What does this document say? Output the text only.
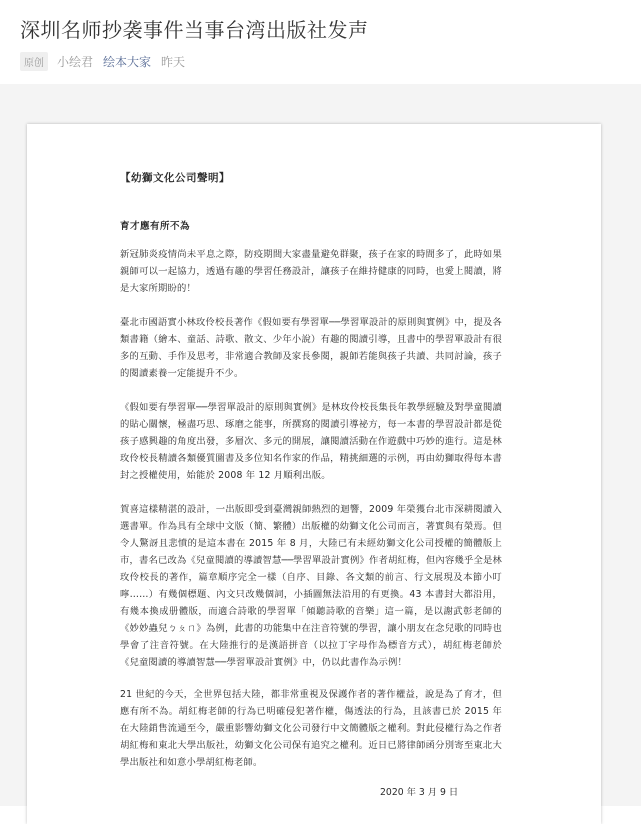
深圳名师抄袭事件当事台湾出版社发声
原创	小绘君 绘本大家 昨天
【幼獅文化公司聲明】
育才應有所不為

新冠肺炎疫情尚未平息之際，防疫期間大家盡量避免群聚，孩子在家的時間多了，此時如果親師可以一起協力，透過有趣的學習任務設計，讓孩子在維持健康的同時，也愛上閱讀，將是大家所期盼的！

臺北市國語實小林玫伶校長著作《假如要有學習單──學習單設計的原則與實例》中，提及各類書籍（繪本、童話、詩歌、散文、少年小說）有趣的閱讀引導，且書中的學習單設計有很多的互動、手作及思考，非常適合教師及家長參閱，親師若能與孩子共讀、共同討論，孩子的閱讀素養一定能提升不少。

《假如要有學習單──學習單設計的原則與實例》是林玫伶校長集長年教學經驗及對學童閱讀的貼心關懷，極盡巧思、琢磨之能事，所撰寫的閱讀引導祕方，每一本書的學習設計都是從孩子感興趣的角度出發，多層次、多元的開展，讓閱讀活動在作遊戲中巧妙的進行。這是林玫伶校長精讀各類優質圖書及多位知名作家的作品，精挑細選的示例，再由幼獅取得每本書封之授權使用，始能於 2008 年 12 月順利出版。

賀喜這樣精湛的設計，一出版即受到臺灣親師熱烈的迴響，2009 年榮獲台北市深耕閱讀入選書單。作為具有全球中文版（簡、繁體）出版權的幼獅文化公司而言，著實與有榮焉。但令人驚訝且悲憤的是這本書在 2015 年 8 月，大陸已有未經幼獅文化公司授權的簡體版上市，書名已改為《兒童閱讀的導讀智慧──學習單設計實例》作者胡紅梅，但內容幾乎全是林玫伶校長的著作，篇章順序完全一樣（自序、目錄、各文類的前言、行文展現及本節小叮嚀……）有幾個標題、內文只改幾個詞，小插圖無法沿用的有更換。43 本書封大都沿用，有幾本換成册體版，而適合詩歌的學習單「傾聽詩歌的音樂」這一篇，是以謝武彰老師的《妙妙蟲兒ㄅㄆㄇ》為例，此書的功能集中在注音符號的學習，讓小朋友在念兒歌的同時也學會了注音符號。在大陸推行的是漢語拼音（以拉丁字母作為標音方式），胡紅梅老師於《兒童閱讀的導讀智慧──學習單設計實例》中，仍以此書作為示例！

21 世紀的今天，全世界包括大陸，都非常重視及保護作者的著作權益，說是為了育才，但應有所不為。胡紅梅老師的行為已明確侵犯著作權，傷透法的行為，且該書已於 2015 年在大陸銷售流通至今，嚴重影響幼獅文化公司發行中文簡體版之權利。對此侵權行為之作者胡紅梅和東北大學出版社，幼獅文化公司保有追究之權利。近日已將律師函分別寄至東北大學出版社和如意小學胡紅梅老師。

2020 年 3 月 9 日
